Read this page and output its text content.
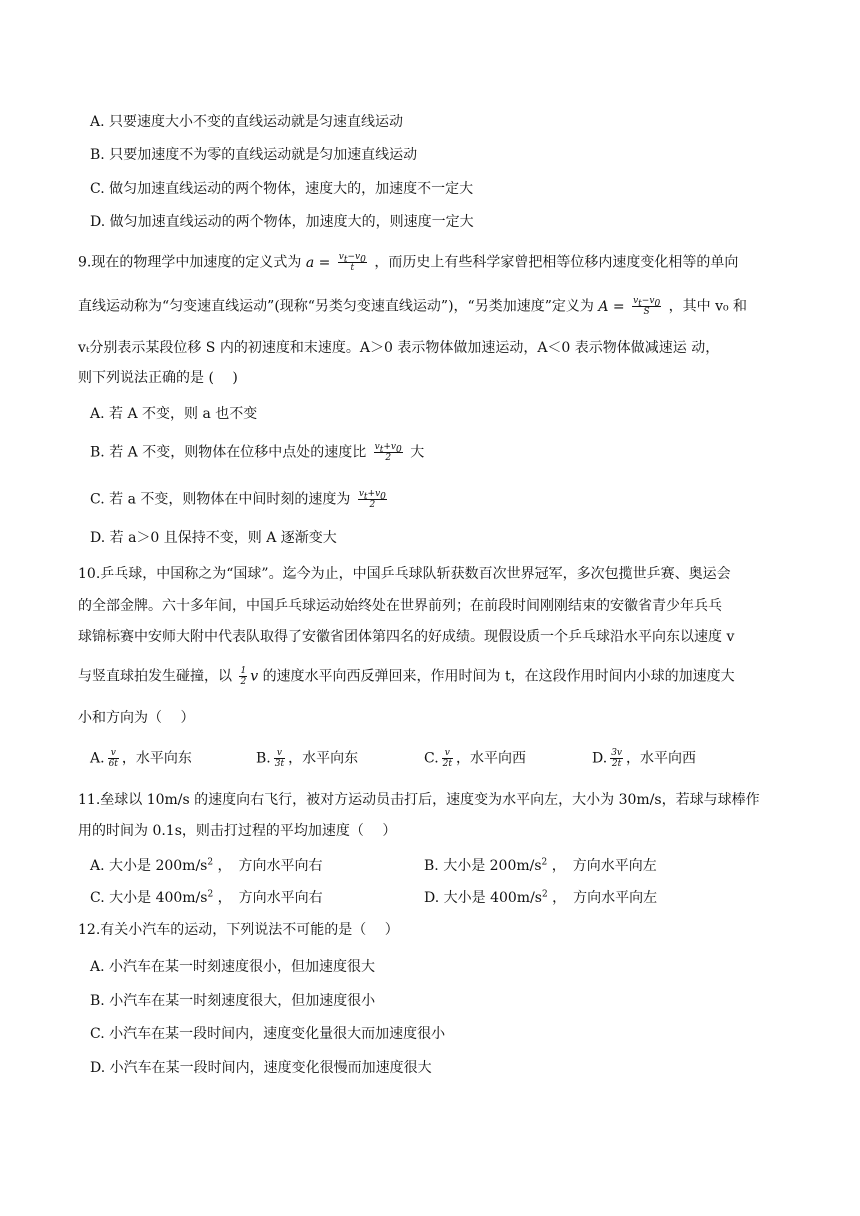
A. 只要速度大小不变的直线运动就是匀速直线运动
B. 只要加速度不为零的直线运动就是匀加速直线运动
C. 做匀加速直线运动的两个物体，速度大的，加速度不一定大
D. 做匀加速直线运动的两个物体，加速度大的，则速度一定大
9.现在的物理学中加速度的定义式为 $a = \frac{v_t-v_0}{t}$ ，而历史上有些科学家曾把相等位移内速度变化相等的单向
直线运动称为“匀变速直线运动”(现称“另类匀变速直线运动”)，“另类加速度”定义为 $A = \frac{v_t-v_0}{S}$ ，其中 v₀ 和
vₜ分别表示某段位移 S 内的初速度和末速度。A＞0 表示物体做加速运动，A＜0 表示物体做减速运 动，
则下列说法正确的是 (　 )
A. 若 A 不变，则 a 也不变
B. 若 A 不变，则物体在位移中点处的速度比 $\frac{v_t+v_0}{2}$ 大
C. 若 a 不变，则物体在中间时刻的速度为 $\frac{v_t+v_0}{2}$
D. 若 a＞0 且保持不变，则 A 逐渐变大
10.乒乓球，中国称之为“国球”。迄今为止，中国乒乓球队斩获数百次世界冠军，多次包揽世乒赛、奥运会
的全部金牌。六十多年间，中国乒乓球运动始终处在世界前列；在前段时间刚刚结束的安徽省青少年兵乓
球锦标赛中安师大附中代表队取得了安徽省团体第四名的好成绩。现假设质一个乒乓球沿水平向东以速度 v
与竖直球拍发生碰撞，以 $\frac{1}{2}$ v 的速度水平向西反弹回来，作用时间为 t，在这段作用时间内小球的加速度大
小和方向为（　 ）
A. $\frac{v}{6t}$ ，水平向东	B. $\frac{v}{3t}$ ，水平向东	C. $\frac{v}{2t}$ ，水平向西	D. $\frac{3v}{2t}$ ，水平向西
11.垒球以 10m/s 的速度向右飞行，被对方运动员击打后，速度变为水平向左，大小为 30m/s，若球与球棒作
用的时间为 0.1s，则击打过程的平均加速度（　 ）
A. 大小是 $200m/s^2$ ，　方向水平向右	B. 大小是 $200m/s^2$ ，　方向水平向左
C. 大小是 $400m/s^2$ ，　方向水平向右	D. 大小是 $400m/s^2$ ，　方向水平向左
12.有关小汽车的运动，下列说法不可能的是（　 ）
A. 小汽车在某一时刻速度很小，但加速度很大
B. 小汽车在某一时刻速度很大，但加速度很小
C. 小汽车在某一段时间内，速度变化量很大而加速度很小
D. 小汽车在某一段时间内，速度变化很慢而加速度很大
